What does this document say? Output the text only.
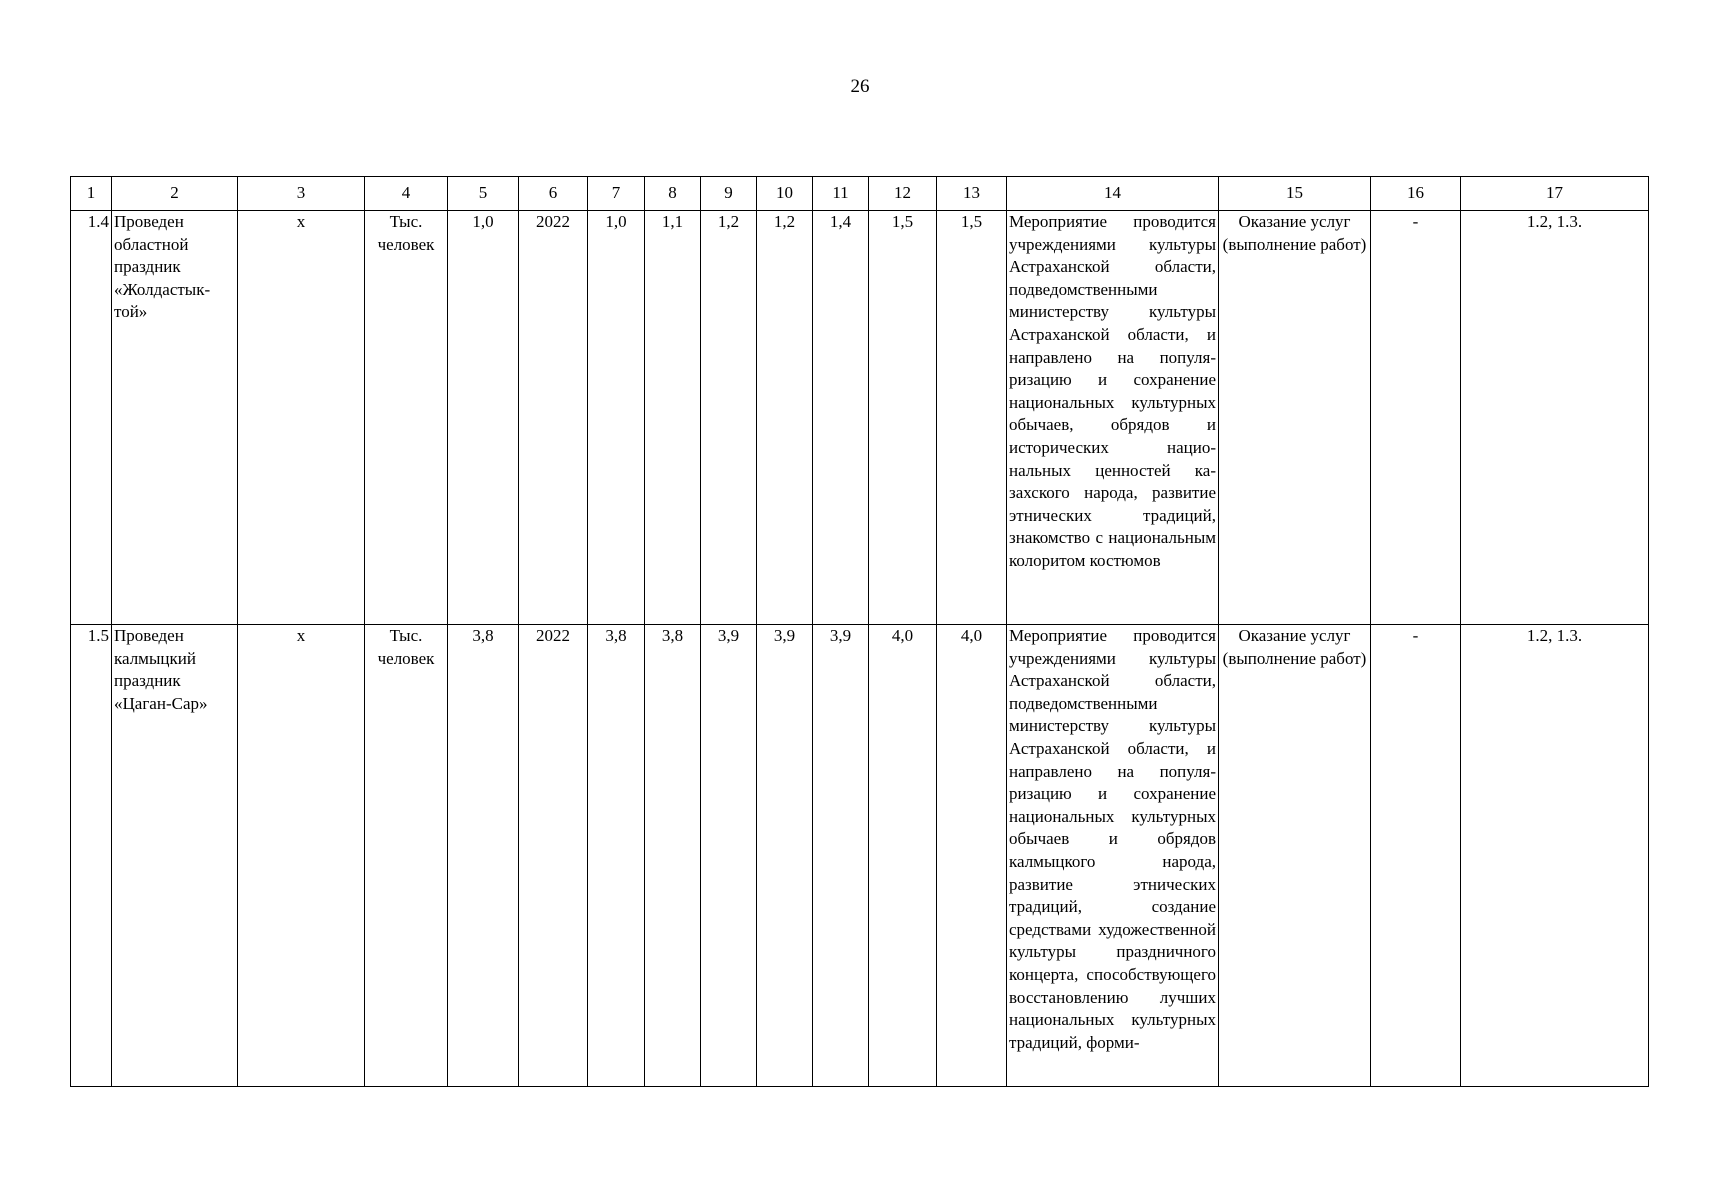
26
1	2	3	4	5	6	7	8	9	10	11	12	13	14	15	16	17
1.4	Проведен областной праздник «Жолдастык-той»	х	Тыс. человек	1,0	2022	1,0	1,1	1,2	1,2	1,4	1,5	1,5	Мероприятие проводится учреждениями культуры Астраханской области, подведомственными министерству культуры Астраханской области, и направлено на популяризацию и сохранение национальных культурных обычаев, обрядов и исторических национальных ценностей казахского народа, развитие этнических традиций, знакомство с национальным колоритом костюмов	Оказание услуг (выполнение работ)	-	1.2, 1.3.
1.5	Проведен калмыцкий праздник «Цаган-Сар»	х	Тыс. человек	3,8	2022	3,8	3,8	3,9	3,9	3,9	4,0	4,0	Мероприятие проводится учреждениями культуры Астраханской области, подведомственными министерству культуры Астраханской области, и направлено на популяризацию и сохранение национальных культурных обычаев и обрядов калмыцкого народа, развитие этнических традиций, создание средствами художественной культуры праздничного концерта, способствующего восстановлению лучших национальных культурных традиций, форми-	Оказание услуг (выполнение работ)	-	1.2, 1.3.
